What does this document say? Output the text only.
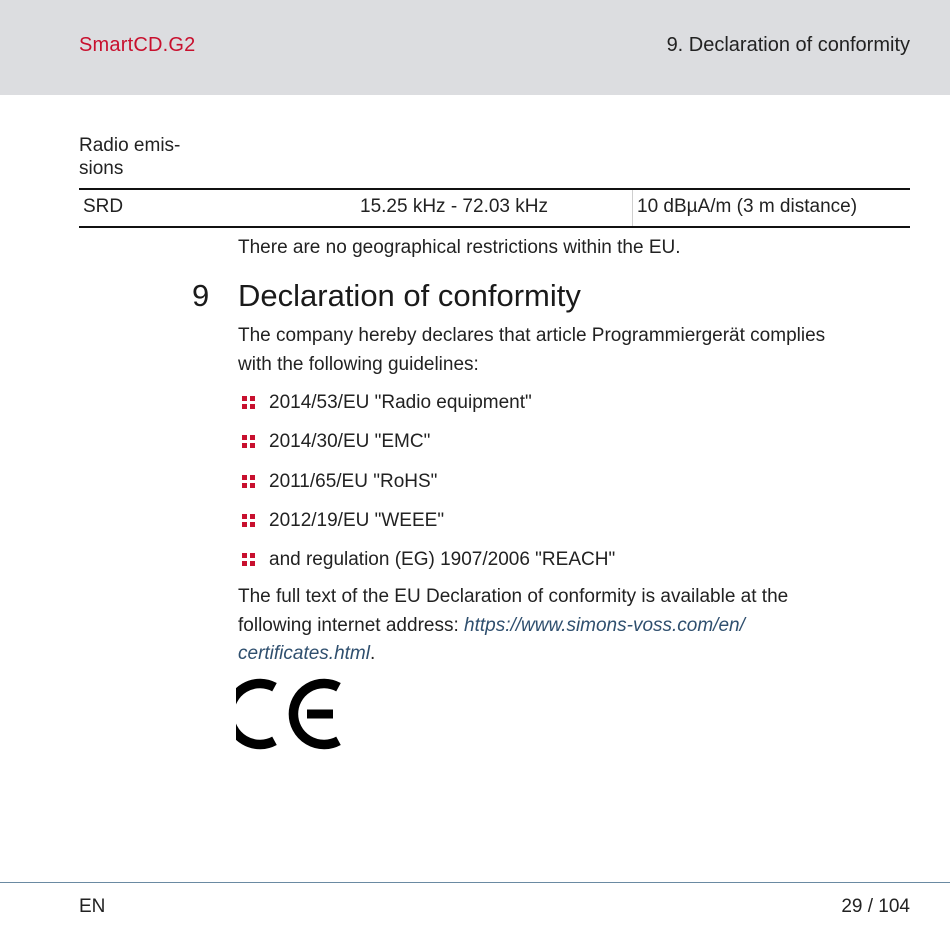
SmartCD.G2	9. Declaration of conformity
Radio emis-
sions
SRD	15.25 kHz - 72.03 kHz	10 dBµA/m (3 m distance)
There are no geographical restrictions within the EU.
9 Declaration of conformity
The company hereby declares that article Programmiergerät complies
with the following guidelines:
2014/53/EU "Radio equipment"
2014/30/EU "EMC"
2011/65/EU "RoHS"
2012/19/EU "WEEE"
and regulation (EG) 1907/2006 "REACH"
The full text of the EU Declaration of conformity is available at the
following internet address: https://www.simons-voss.com/en/
certificates.html.
EN	29 / 104
